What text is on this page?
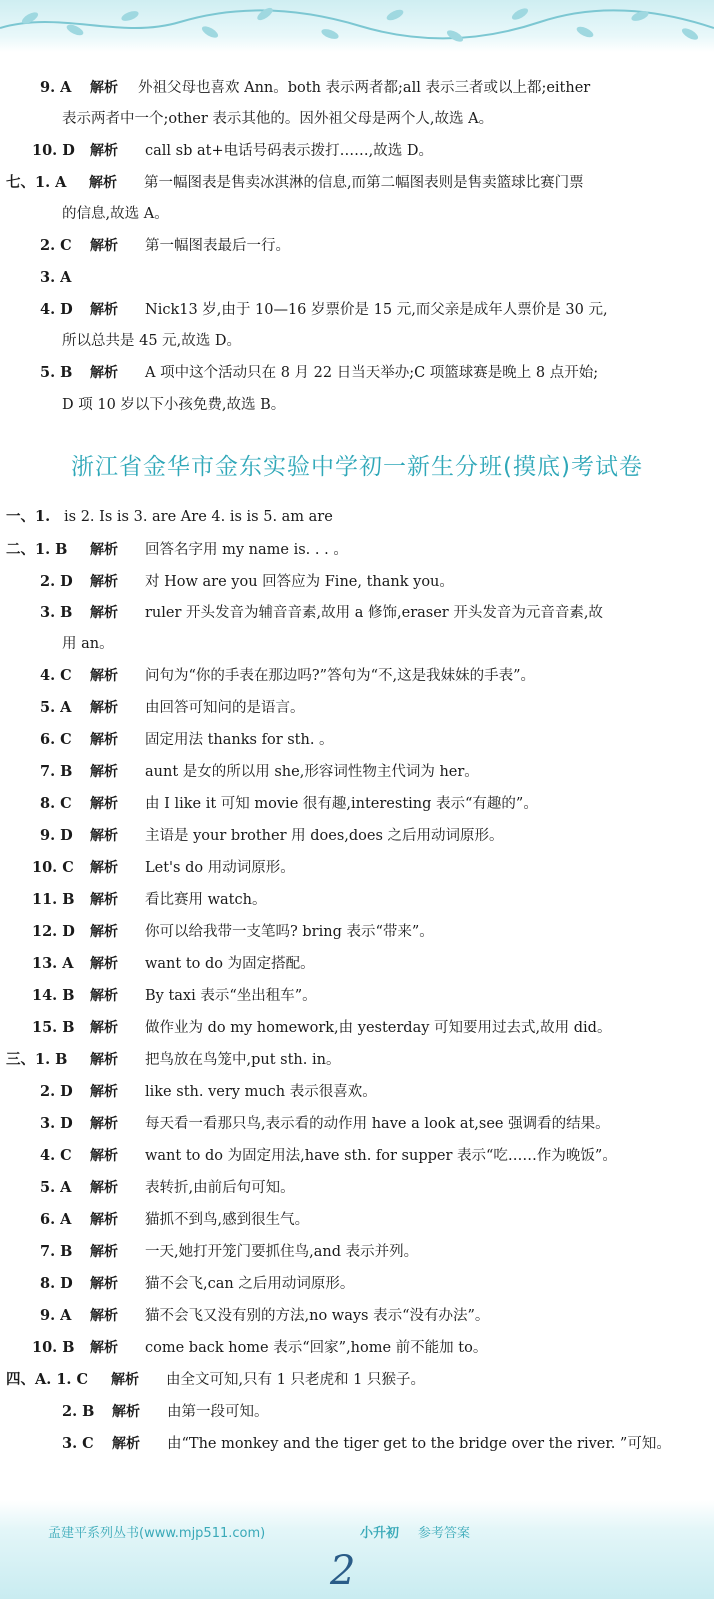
9. A 解析 外祖父母也喜欢 Ann。both 表示两者都;all 表示三者或以上都;either
表示两者中一个;other 表示其他的。因外祖父母是两个人,故选 A。
10. D 解析 call sb at+电话号码表示拨打……,故选 D。
七、1. A 解析 第一幅图表是售卖冰淇淋的信息,而第二幅图表则是售卖篮球比赛门票
的信息,故选 A。
2. C 解析 第一幅图表最后一行。
3. A
4. D 解析 Nick13 岁,由于 10—16 岁票价是 15 元,而父亲是成年人票价是 30 元,
所以总共是 45 元,故选 D。
5. B 解析 A 项中这个活动只在 8 月 22 日当天举办;C 项篮球赛是晚上 8 点开始;
D 项 10 岁以下小孩免费,故选 B。
浙江省金华市金东实验中学初一新生分班(摸底)考试卷
一、1. is 2. Is is 3. are Are 4. is is 5. am are
二、1. B 解析 回答名字用 my name is. . . 。
2. D 解析 对 How are you 回答应为 Fine, thank you。
3. B 解析 ruler 开头发音为辅音音素,故用 a 修饰,eraser 开头发音为元音音素,故
用 an。
4. C 解析 问句为“你的手表在那边吗?”答句为“不,这是我妹妹的手表”。
5. A 解析 由回答可知问的是语言。
6. C 解析 固定用法 thanks for sth. 。
7. B 解析 aunt 是女的所以用 she,形容词性物主代词为 her。
8. C 解析 由 I like it 可知 movie 很有趣,interesting 表示“有趣的”。
9. D 解析 主语是 your brother 用 does,does 之后用动词原形。
10. C 解析 Let's do 用动词原形。
11. B 解析 看比赛用 watch。
12. D 解析 你可以给我带一支笔吗? bring 表示“带来”。
13. A 解析 want to do 为固定搭配。
14. B 解析 By taxi 表示“坐出租车”。
15. B 解析 做作业为 do my homework,由 yesterday 可知要用过去式,故用 did。
三、1. B 解析 把鸟放在鸟笼中,put sth. in。
2. D 解析 like sth. very much 表示很喜欢。
3. D 解析 每天看一看那只鸟,表示看的动作用 have a look at,see 强调看的结果。
4. C 解析 want to do 为固定用法,have sth. for supper 表示“吃……作为晚饭”。
5. A 解析 表转折,由前后句可知。
6. A 解析 猫抓不到鸟,感到很生气。
7. B 解析 一天,她打开笼门要抓住鸟,and 表示并列。
8. D 解析 猫不会飞,can 之后用动词原形。
9. A 解析 猫不会飞又没有别的方法,no ways 表示“没有办法”。
10. B 解析 come back home 表示“回家”,home 前不能加 to。
四、A. 1. C 解析 由全文可知,只有 1 只老虎和 1 只猴子。
2. B 解析 由第一段可知。
3. C 解析 由“The monkey and the tiger get to the bridge over the river. ”可知。
孟建平系列丛书(www.mjp511.com)	小升初 参考答案
2
